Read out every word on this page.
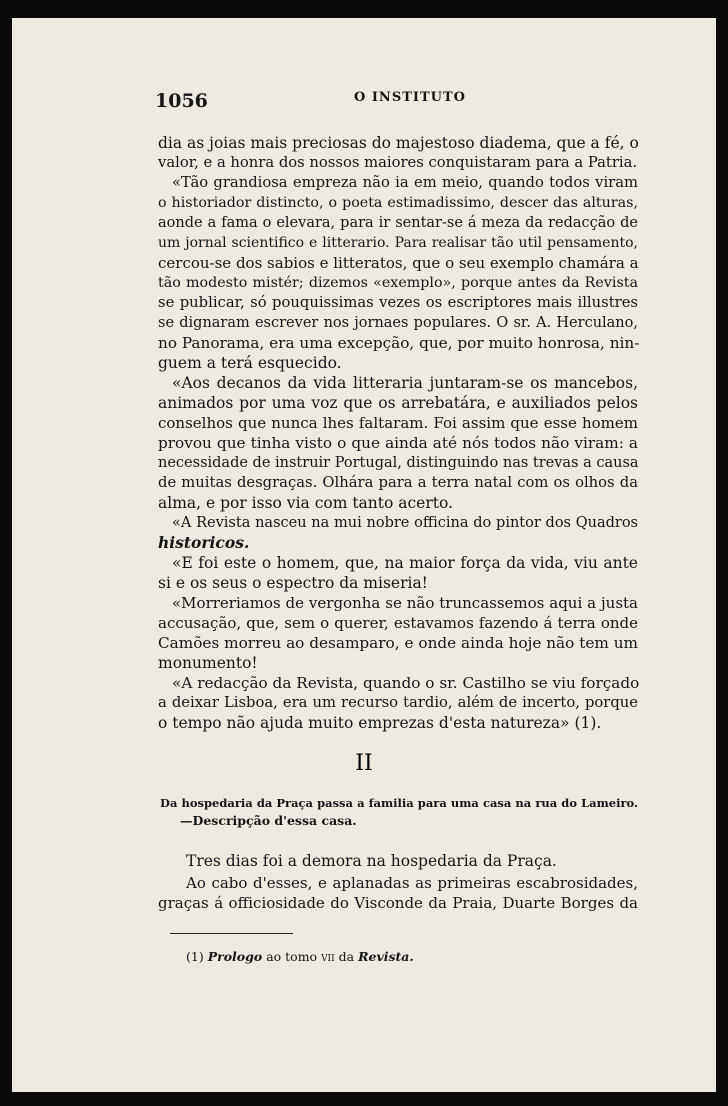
1056	O INSTITUTO
dia as joias mais preciosas do majestoso diadema, que a fé, o
valor, e a honra dos nossos maiores conquistaram para a Patria.
«Tão grandiosa empreza não ia em meio, quando todos viram
o historiador distincto, o poeta estimadissimo, descer das alturas,
aonde a fama o elevara, para ir sentar-se á meza da redacção de
um jornal scientifico e litterario. Para realisar tão util pensamento,
cercou-se dos sabios e litteratos, que o seu exemplo chamára a
tão modesto mistér; dizemos «exemplo», porque antes da Revista
se publicar, só pouquissimas vezes os escriptores mais illustres
se dignaram escrever nos jornaes populares. O sr. A. Herculano,
no Panorama, era uma excepção, que, por muito honrosa, nin-
guem a terá esquecido.
«Aos decanos da vida litteraria juntaram-se os mancebos,
animados por uma voz que os arrebatára, e auxiliados pelos
conselhos que nunca lhes faltaram. Foi assim que esse homem
provou que tinha visto o que ainda até nós todos não viram: a
necessidade de instruir Portugal, distinguindo nas trevas a causa
de muitas desgraças. Olhára para a terra natal com os olhos da
alma, e por isso via com tanto acerto.
«A Revista nasceu na mui nobre officina do pintor dos Quadros
historicos.
«E foi este o homem, que, na maior força da vida, viu ante
si e os seus o espectro da miseria!
«Morreriamos de vergonha se não truncassemos aqui a justa
accusação, que, sem o querer, estavamos fazendo á terra onde
Camões morreu ao desamparo, e onde ainda hoje não tem um
monumento!
«A redacção da Revista, quando o sr. Castilho se viu forçado
a deixar Lisboa, era um recurso tardio, além de incerto, porque
o tempo não ajuda muito emprezas d'esta natureza» (1).
II
Da hospedaria da Praça passa a familia para uma casa na rua do Lameiro.
—Descripção d'essa casa.
Tres dias foi a demora na hospedaria da Praça.
Ao cabo d'esses, e aplanadas as primeiras escabrosidades,
graças á officiosidade do Visconde da Praia, Duarte Borges da
(1) Prologo ao tomo vii da Revista.
